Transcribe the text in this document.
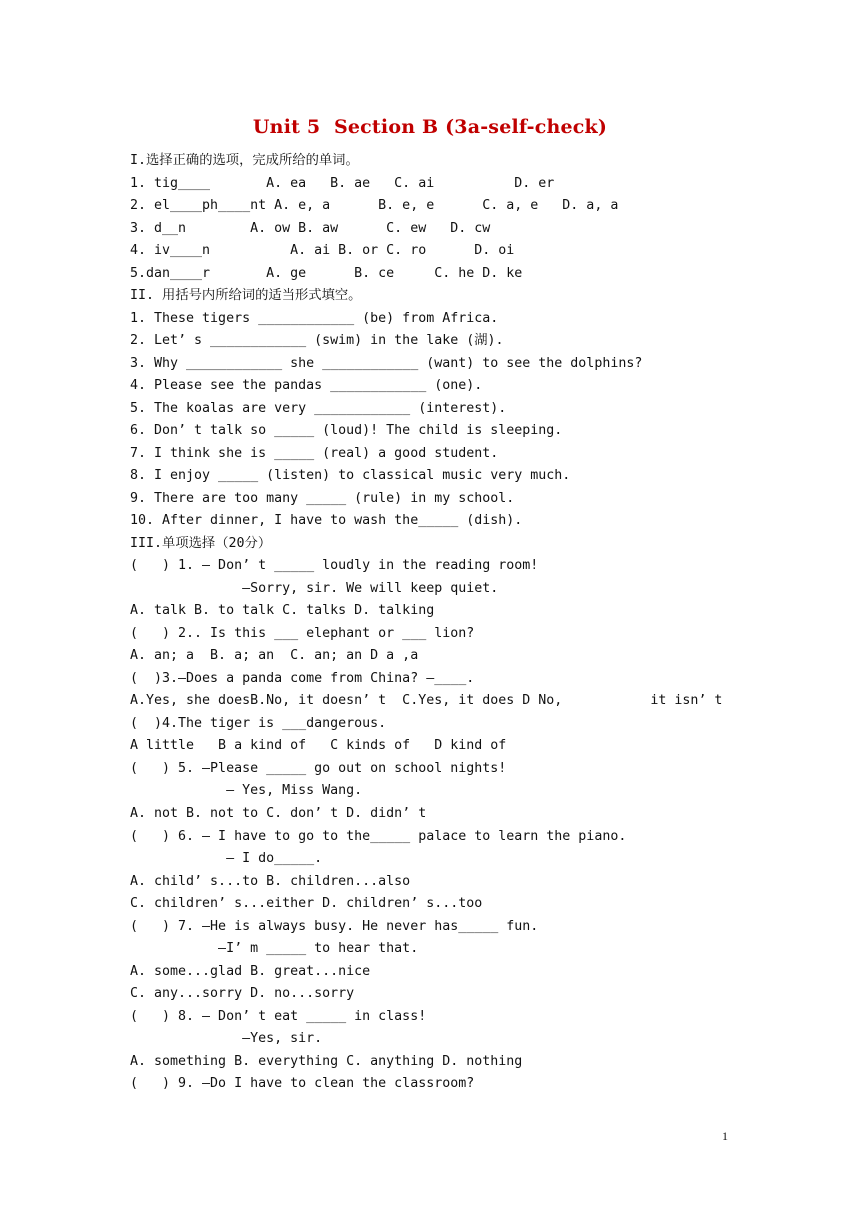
Unit 5  Section B (3a-self-check)
I.选择正确的选项，完成所给的单词。
1. tig____       A. ea   B. ae   C. ai          D. er
2. el____ph____nt A. e, a      B. e, e      C. a, e   D. a, a
3. d__n        A. ow B. aw      C. ew   D. cw
4. iv____n          A. ai B. or C. ro      D. oi
5.dan____r       A. ge      B. ce     C. he D. ke
II. 用括号内所给词的适当形式填空。
1. These tigers ____________ (be) from Africa.
2. Let’ s ____________ (swim) in the lake (湖).
3. Why ____________ she ____________ (want) to see the dolphins?
4. Please see the pandas ____________ (one).
5. The koalas are very ____________ (interest).
6. Don’ t talk so _____ (loud)! The child is sleeping.
7. I think she is _____ (real) a good student.
8. I enjoy _____ (listen) to classical music very much.
9. There are too many _____ (rule) in my school.
10. After dinner, I have to wash the_____ (dish).
III.单项选择（20分）
(   ) 1. — Don’ t _____ loudly in the reading room!
—Sorry, sir. We will keep quiet.
A. talk B. to talk C. talks D. talking
(   ) 2.. Is this ___ elephant or ___ lion?
A. an; a  B. a; an  C. an; an D a ,a
(  )3.—Does a panda come from China? —____.
A.Yes, she doesB.No, it doesn’ t  C.Yes, it does D No,           it isn’ t
(  )4.The tiger is ___dangerous.
A little   B a kind of   C kinds of   D kind of
(   ) 5. —Please _____ go out on school nights!
— Yes, Miss Wang.
A. not B. not to C. don’ t D. didn’ t
(   ) 6. — I have to go to the_____ palace to learn the piano.
— I do_____.
A. child’ s...to B. children...also
C. children’ s...either D. children’ s...too
(   ) 7. —He is always busy. He never has_____ fun.
—I’ m _____ to hear that.
A. some...glad B. great...nice
C. any...sorry D. no...sorry
(   ) 8. — Don’ t eat _____ in class!
—Yes, sir.
A. something B. everything C. anything D. nothing
(   ) 9. —Do I have to clean the classroom?
1
